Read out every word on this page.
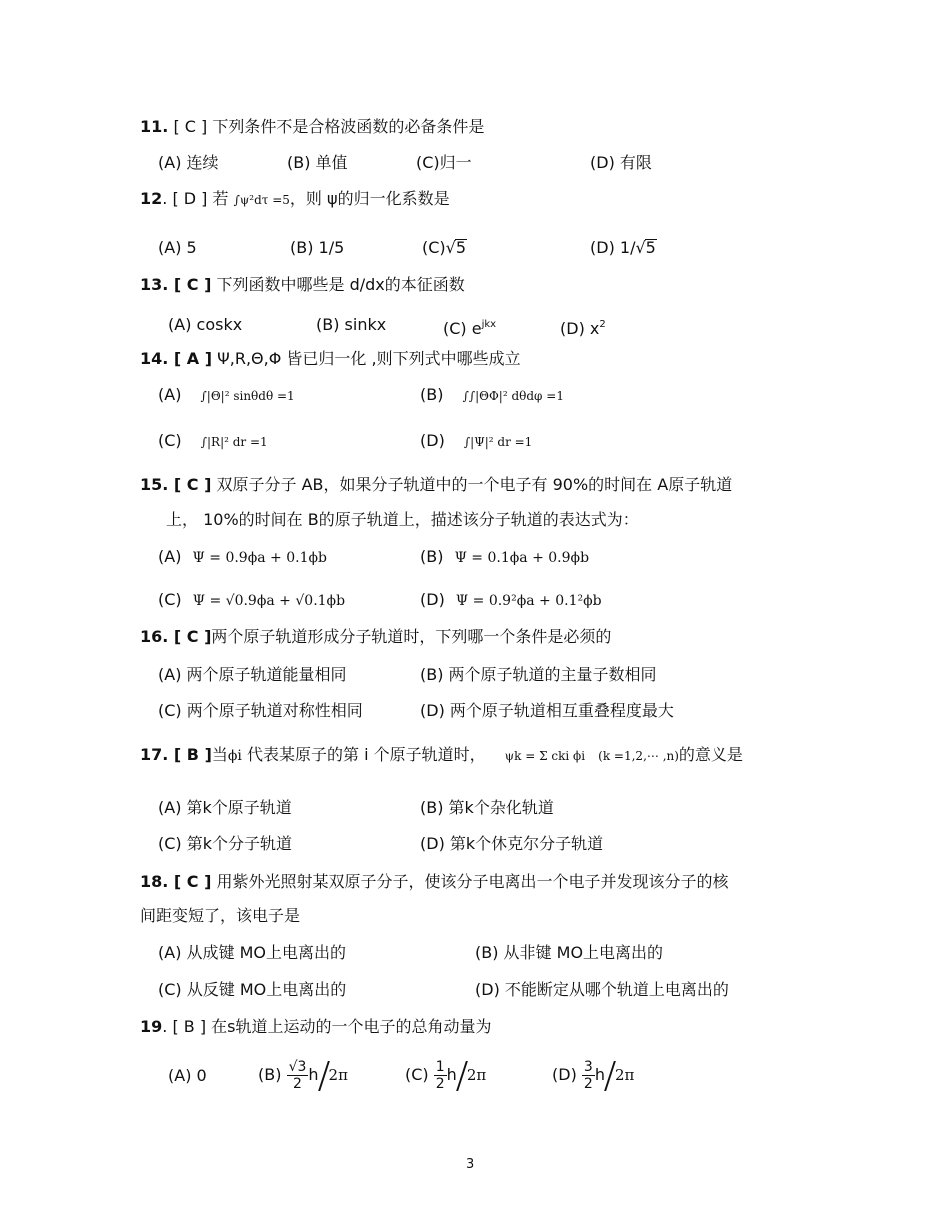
11. [ C ] 下列条件不是合格波函数的必备条件是
(A) 连续	(B) 单值	(C)归一	(D) 有限
12. [ D ] 若 ∫ψ²dτ =5，则 ψ的归一化系数是
(A) 5	(B) 1/5	(C)√5	(D) 1/√5
13. [ C ] 下列函数中哪些是 d/dx的本征函数
(A) coskx	(B) sinkx	(C) $e^{jkx}$	(D) $x^2$
14. [ A ] Ψ,R,Θ,Φ 皆已归一化 ,则下列式中哪些成立
(A) ∫|Θ|² sinθdθ =1	(B) ∫∫|ΘΦ|² dθdφ =1
(C) ∫|R|² dr =1	(D) ∫|Ψ|² dr =1
15. [ C ] 双原子分子 AB，如果分子轨道中的一个电子有 90%的时间在 A原子轨道
上， 10%的时间在 B的原子轨道上，描述该分子轨道的表达式为：
(A) Ψ = 0.9ϕa + 0.1ϕb	(B) Ψ = 0.1ϕa + 0.9ϕb
(C) Ψ = √0.9ϕa + √0.1ϕb	(D) Ψ = 0.9²ϕa + 0.1²ϕb
16. [ C ]两个原子轨道形成分子轨道时，下列哪一个条件是必须的
(A) 两个原子轨道能量相同	(B) 两个原子轨道的主量子数相同
(C) 两个原子轨道对称性相同	(D) 两个原子轨道相互重叠程度最大
17. [ B ]当ϕi 代表某原子的第 i 个原子轨道时， ψk = Σ cki ϕi (k =1,2,⋯ ,n)的意义是
(A) 第k个原子轨道	(B) 第k个杂化轨道
(C) 第k个分子轨道	(D) 第k个休克尔分子轨道
18. [ C ] 用紫外光照射某双原子分子，使该分子电离出一个电子并发现该分子的核
间距变短了，该电子是
(A) 从成键 MO上电离出的	(B) 从非键 MO上电离出的
(C) 从反键 MO上电离出的	(D) 不能断定从哪个轨道上电离出的
19. [ B ] 在s轨道上运动的一个电子的总角动量为
(A) 0	$(B) \frac{√3}{2}$ h 2π	$(C) \frac{1}{2}$ h 2π	$(D) \frac{3}{2}$ h 2π
3
